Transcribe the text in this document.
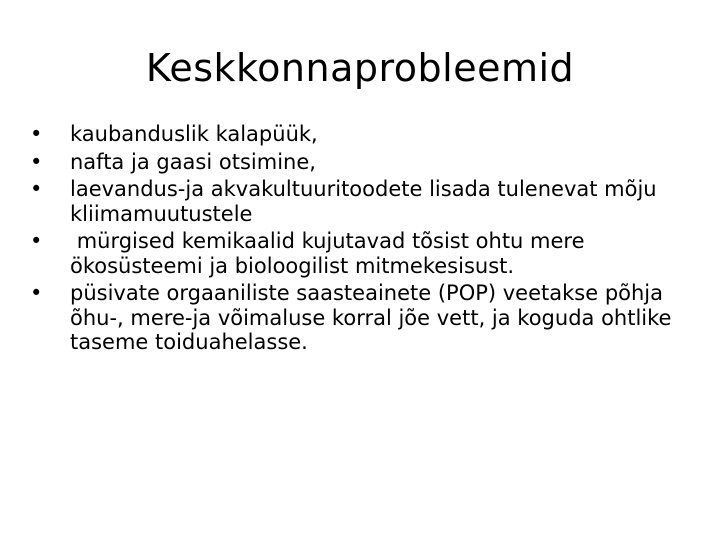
Keskkonnaprobleemid
•	kaubanduslik kalapüük,
•	nafta ja gaasi otsimine,
•	laevandus-ja akvakultuuritoodete lisada tulenevat mõju kliimamuutustele
•	mürgised kemikaalid kujutavad tõsist ohtu mere ökosüsteemi ja bioloogilist mitmekesisust.
•	püsivate orgaaniliste saasteainete (POP) veetakse põhja õhu-, mere-ja võimaluse korral jõe vett, ja koguda ohtlike taseme toiduahelasse.
